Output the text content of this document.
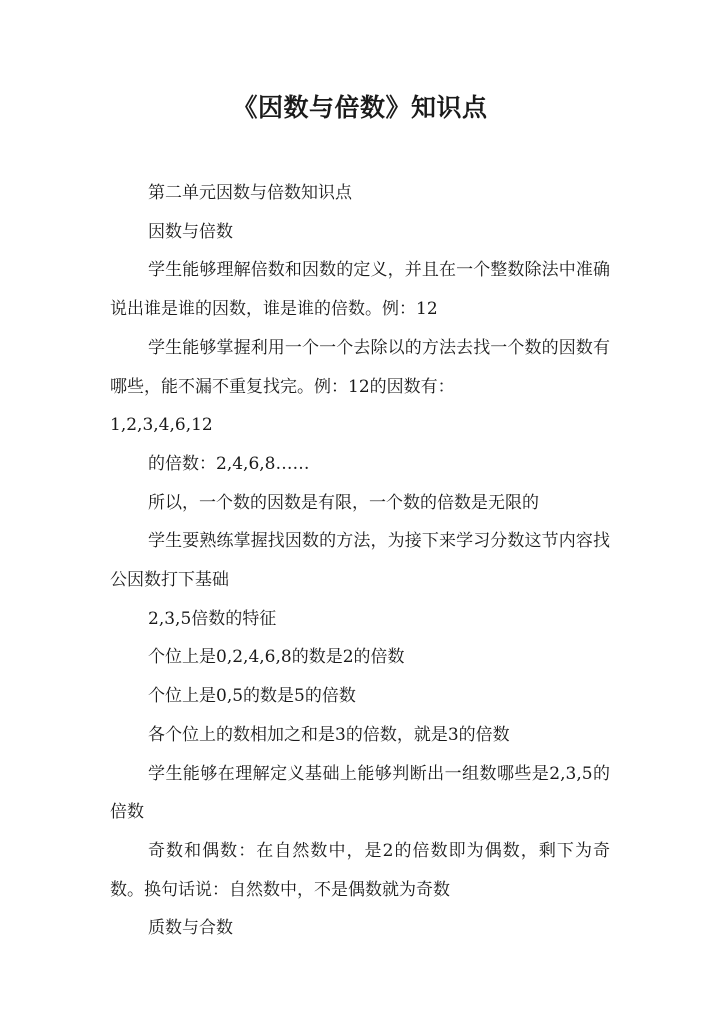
《因数与倍数》知识点

第二单元因数与倍数知识点

因数与倍数

学生能够理解倍数和因数的定义，并且在一个整数除法中准确说出谁是谁的因数，谁是谁的倍数。例：12

学生能够掌握利用一个一个去除以的方法去找一个数的因数有哪些，能不漏不重复找完。例：12的因数有：

1,2,3,4,6,12

的倍数：2,4,6,8……

所以，一个数的因数是有限，一个数的倍数是无限的

学生要熟练掌握找因数的方法，为接下来学习分数这节内容找公因数打下基础

2,3,5倍数的特征

个位上是0,2,4,6,8的数是2的倍数

个位上是0,5的数是5的倍数

各个位上的数相加之和是3的倍数，就是3的倍数

学生能够在理解定义基础上能够判断出一组数哪些是2,3,5的倍数

奇数和偶数：在自然数中，是2的倍数即为偶数，剩下为奇数。换句话说：自然数中，不是偶数就为奇数

质数与合数
